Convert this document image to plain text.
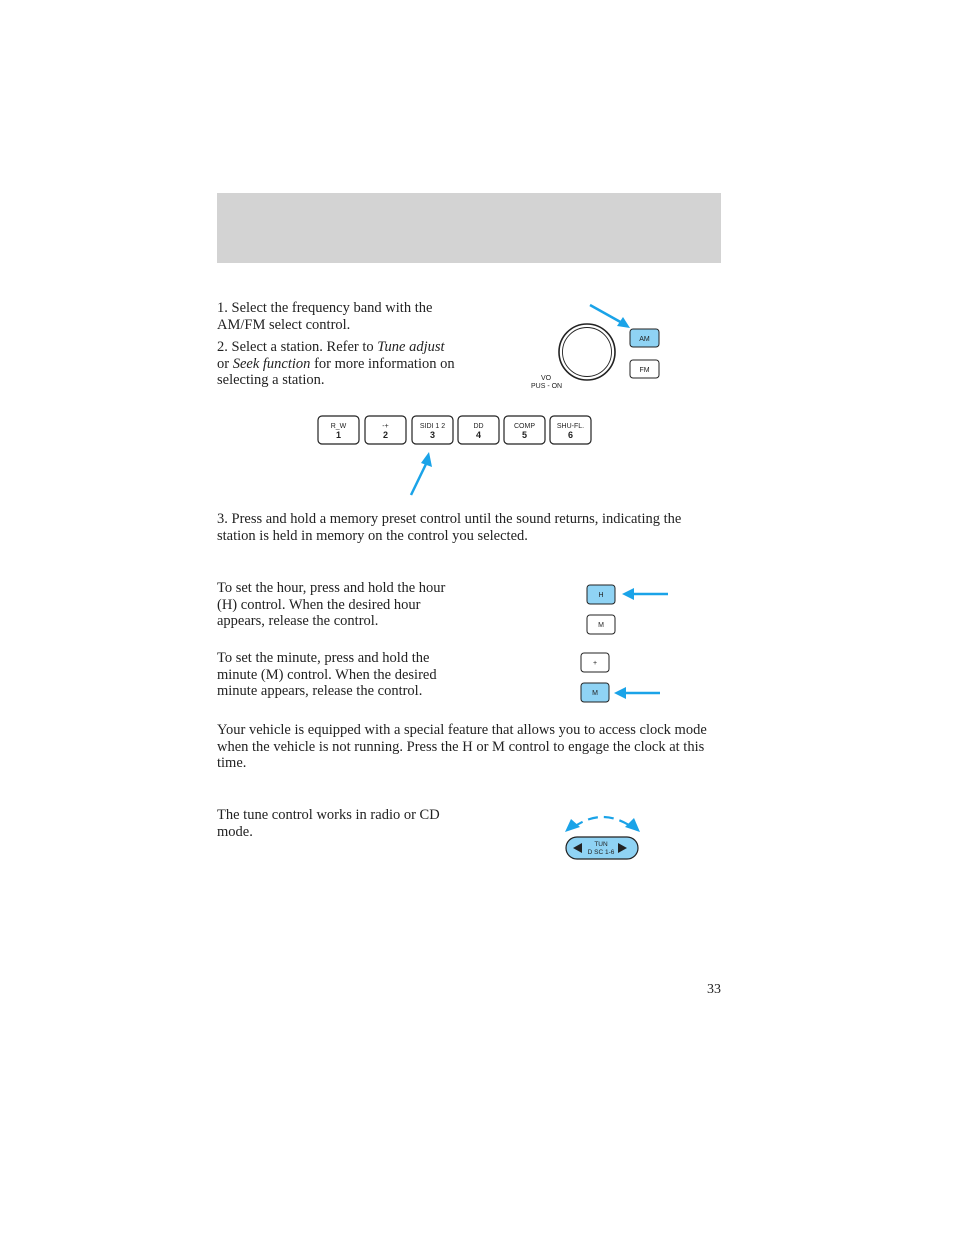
1. Select the frequency band with the AM/FM select control.

2. Select a station. Refer to Tune adjust or Seek function for more information on selecting a station.	VO
PUS - ON
AM
FM
R_W
1
-+
2
SIDI 1 2
3
DD
4
COMP
5
SHU-FL.
6

3. Press and hold a memory preset control until the sound returns, indicating the station is held in memory on the control you selected.

To set the hour, press and hold the hour (H) control. When the desired hour appears, release the control.

H
M

To set the minute, press and hold the minute (M) control. When the desired minute appears, release the control.

+
M

Your vehicle is equipped with a special feature that allows you to access clock mode when the vehicle is not running. Press the H or M control to engage the clock at this time.

The tune control works in radio or CD mode.

TUN
D SC 1-6
33
